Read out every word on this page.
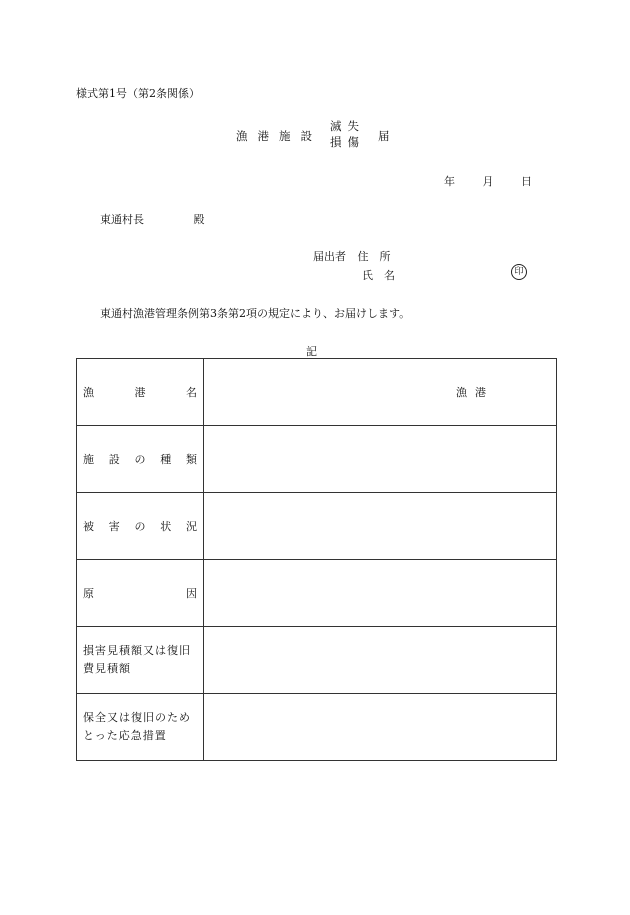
様式第1号（第2条関係）
漁港施設
滅失
損傷 届
年	月	日
東通村長	殿
届出者 住　所
氏　名	印
東通村漁港管理条例第3条第2項の規定により、お届けします。
記
漁 港 名	漁港

施 設 の 種 類	

被 害 の 状 況	

原 因	

損害見積額又は復旧費見積額	
保全又は復旧のためとった応急措置	
